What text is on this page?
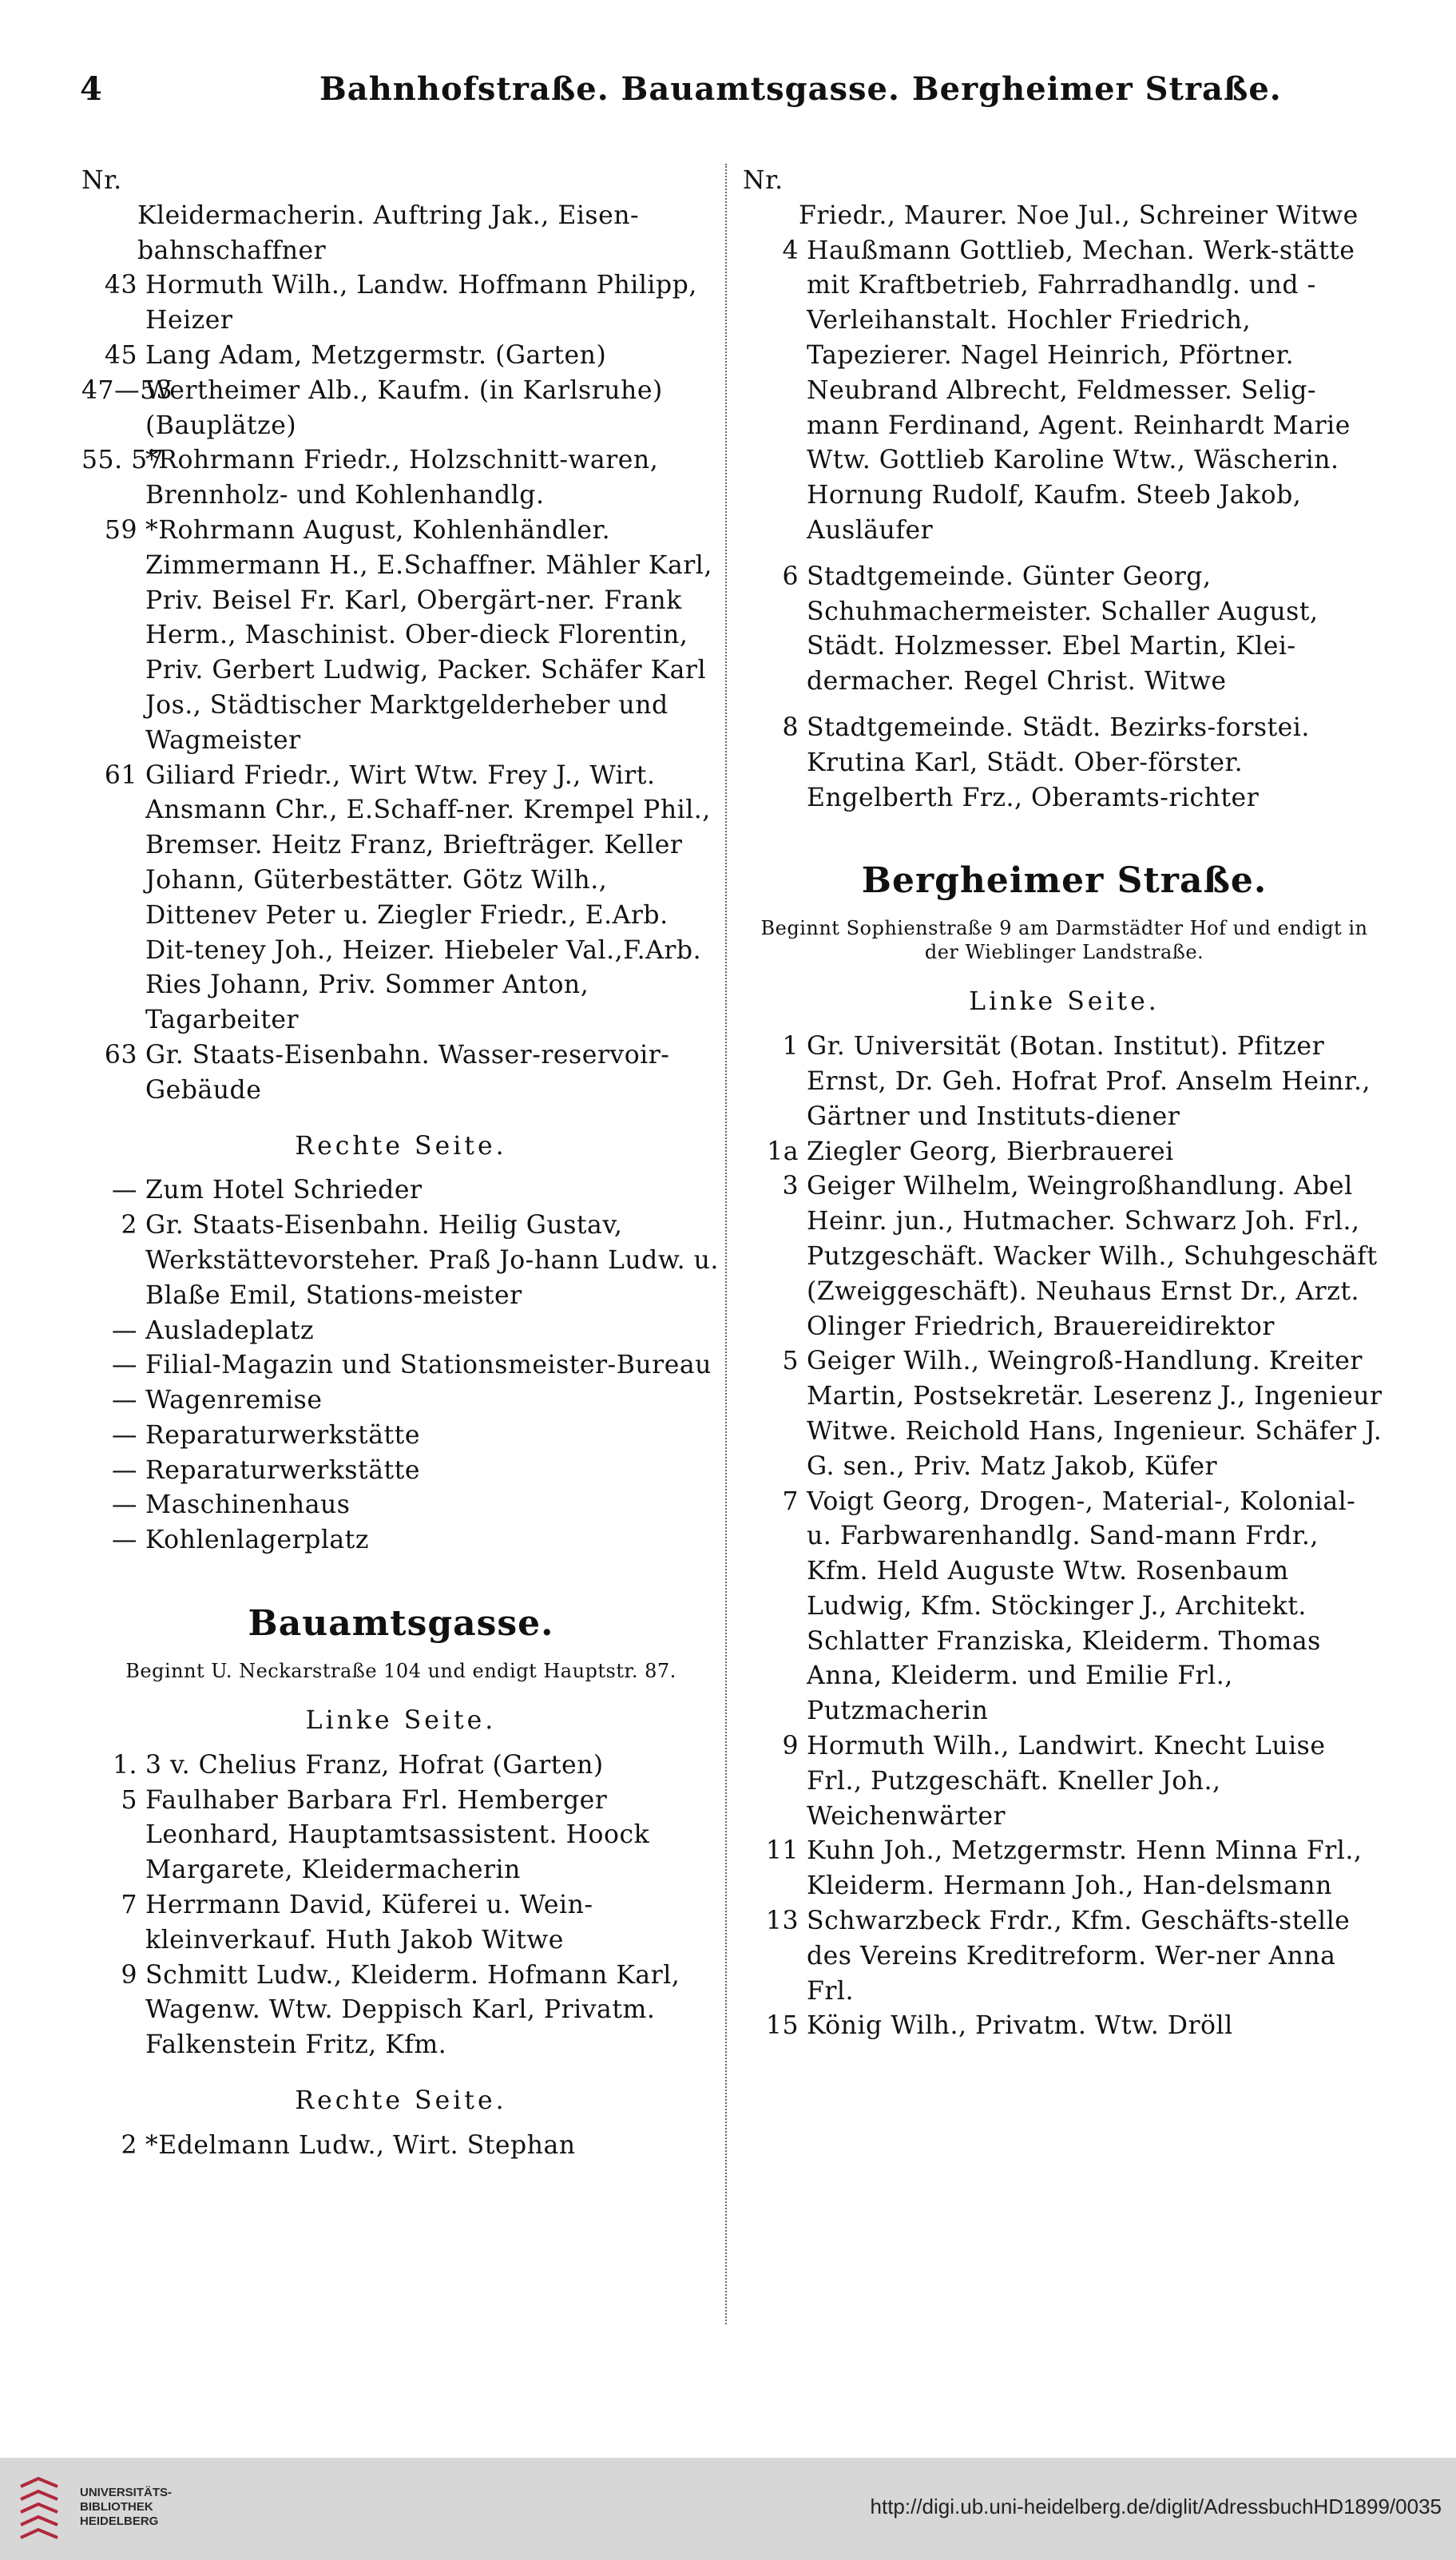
4	Bahnhofstraße. Bauamtsgasse. Bergheimer Straße.

Nr.

Kleidermacherin. Auftring Jak., Eisen-bahnschaffner

43 Hormuth Wilh., Landw. Hoffmann Philipp, Heizer

45 Lang Adam, Metzgermstr. (Garten)

47—53
Wertheimer Alb., Kaufm. (in Karlsruhe) (Bauplätze)

55. 57
*Rohrmann Friedr., Holzschnitt-waren, Brennholz- und Kohlenhandlg.

59 *Rohrmann August, Kohlenhändler. Zimmermann H., E.Schaffner. Mähler Karl, Priv. Beisel Fr. Karl, Obergärt-ner. Frank Herm., Maschinist. Ober-dieck Florentin, Priv. Gerbert Ludwig, Packer. Schäfer Karl Jos., Städtischer Marktgelderheber und Wagmeister

61 Giliard Friedr., Wirt Wtw. Frey J., Wirt. Ansmann Chr., E.Schaff-ner. Krempel Phil., Bremser. Heitz Franz, Briefträger. Keller Johann, Güterbestätter. Götz Wilh., Dittenev Peter u. Ziegler Friedr., E.Arb. Dit-teney Joh., Heizer. Hiebeler Val.,F.Arb. Ries Johann, Priv. Sommer Anton, Tagarbeiter

63 Gr. Staats-Eisenbahn. Wasser-reservoir-Gebäude

Rechte Seite.

— Zum Hotel Schrieder

2 Gr. Staats-Eisenbahn. Heilig Gustav, Werkstättevorsteher. Praß Jo-hann Ludw. u. Blaße Emil, Stations-meister

— Ausladeplatz

— Filial-Magazin und Stationsmeister-Bureau

— Wagenremise

— Reparaturwerkstätte

— Reparaturwerkstätte

— Maschinenhaus

— Kohlenlagerplatz

Bauamtsgasse.

Beginnt U. Neckarstraße 104 und endigt Hauptstr. 87.

Linke Seite.

1. 3 v. Chelius Franz, Hofrat (Garten)

5 Faulhaber Barbara Frl. Hemberger Leonhard, Hauptamtsassistent. Hoock Margarete, Kleidermacherin

7 Herrmann David, Küferei u. Wein-kleinverkauf. Huth Jakob Witwe

9 Schmitt Ludw., Kleiderm. Hofmann Karl, Wagenw. Wtw. Deppisch Karl, Privatm. Falkenstein Fritz, Kfm.

Rechte Seite.

2 *Edelmann Ludw., Wirt. Stephan

Nr.

Friedr., Maurer. Noe Jul., Schreiner Witwe

4 Haußmann Gottlieb, Mechan. Werk-stätte mit Kraftbetrieb, Fahrradhandlg. und -Verleihanstalt. Hochler Friedrich, Tapezierer. Nagel Heinrich, Pförtner. Neubrand Albrecht, Feldmesser. Selig-mann Ferdinand, Agent. Reinhardt Marie Wtw. Gottlieb Karoline Wtw., Wäscherin. Hornung Rudolf, Kaufm. Steeb Jakob, Ausläufer

6 Stadtgemeinde. Günter Georg, Schuhmachermeister. Schaller August, Städt. Holzmesser. Ebel Martin, Klei-dermacher. Regel Christ. Witwe

8 Stadtgemeinde. Städt. Bezirks-forstei. Krutina Karl, Städt. Ober-förster. Engelberth Frz., Oberamts-richter

Bergheimer Straße.

Beginnt Sophienstraße 9 am Darmstädter Hof und endigt in der Wieblinger Landstraße.

Linke Seite.

1 Gr. Universität (Botan. Institut). Pfitzer Ernst, Dr. Geh. Hofrat Prof. Anselm Heinr., Gärtner und Instituts-diener

1a Ziegler Georg, Bierbrauerei

3 Geiger Wilhelm, Weingroßhandlung. Abel Heinr. jun., Hutmacher. Schwarz Joh. Frl., Putzgeschäft. Wacker Wilh., Schuhgeschäft (Zweiggeschäft). Neuhaus Ernst Dr., Arzt. Olinger Friedrich, Brauereidirektor

5 Geiger Wilh., Weingroß-Handlung. Kreiter Martin, Postsekretär. Leserenz J., Ingenieur Witwe. Reichold Hans, Ingenieur. Schäfer J. G. sen., Priv. Matz Jakob, Küfer

7 Voigt Georg, Drogen-, Material-, Kolonial- u. Farbwarenhandlg. Sand-mann Frdr., Kfm. Held Auguste Wtw. Rosenbaum Ludwig, Kfm. Stöckinger J., Architekt. Schlatter Franziska, Kleiderm. Thomas Anna, Kleiderm. und Emilie Frl., Putzmacherin

9 Hormuth Wilh., Landwirt. Knecht Luise Frl., Putzgeschäft. Kneller Joh., Weichenwärter

11 Kuhn Joh., Metzgermstr. Henn Minna Frl., Kleiderm. Hermann Joh., Han-delsmann

13 Schwarzbeck Frdr., Kfm. Geschäfts-stelle des Vereins Kreditreform. Wer-ner Anna Frl.

15 König Wilh., Privatm. Wtw. Dröll

UNIVERSITÄTS-
BIBLIOTHEK
HEIDELBERG
http://digi.ub.uni-heidelberg.de/diglit/AdressbuchHD1899/0035
